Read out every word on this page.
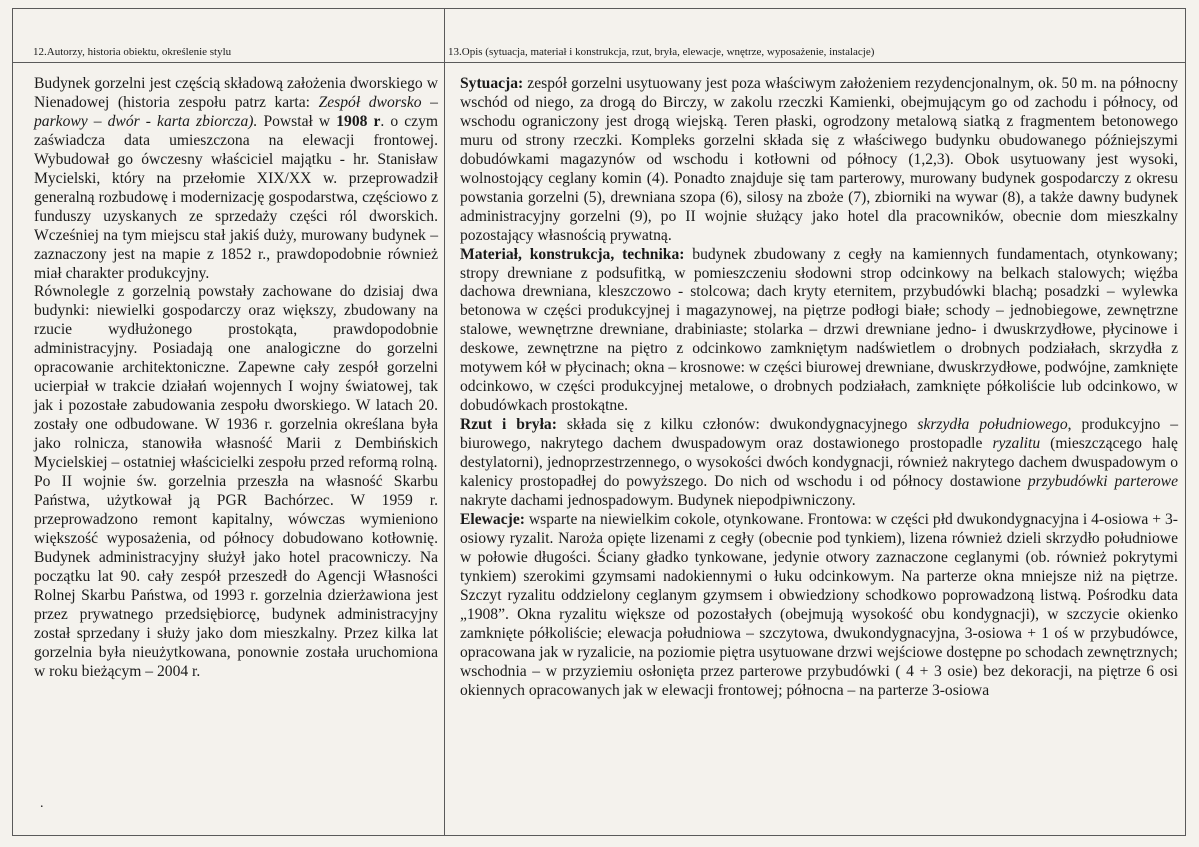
12.Autorzy, historia obiektu, określenie stylu	13.Opis (sytuacja, materiał i konstrukcja, rzut, bryła, elewacje, wnętrze, wyposażenie, instalacje)

Budynek gorzelni jest częścią składową założenia dworskiego w Nienadowej (historia zespołu patrz karta: Zespół dworsko – parkowy – dwór - karta zbiorcza). Powstał w 1908 r. o czym zaświadcza data umieszczona na elewacji frontowej. Wybudował go ówczesny właściciel majątku - hr. Stanisław Mycielski, który na przełomie XIX/XX w. przeprowadził generalną rozbudowę i modernizację gospodarstwa, częściowo z funduszy uzyskanych ze sprzedaży części ról dworskich. Wcześniej na tym miejscu stał jakiś duży, murowany budynek – zaznaczony jest na mapie z 1852 r., prawdopodobnie również miał charakter produkcyjny.

Równolegle z gorzelnią powstały zachowane do dzisiaj dwa budynki: niewielki gospodarczy oraz większy, zbudowany na rzucie wydłużonego prostokąta, prawdopodobnie administracyjny. Posiadają one analogiczne do gorzelni opracowanie architektoniczne. Zapewne cały zespół gorzelni ucierpiał w trakcie działań wojennych I wojny światowej, tak jak i pozostałe zabudowania zespołu dworskiego. W latach 20. zostały one odbudowane. W 1936 r. gorzelnia określana była jako rolnicza, stanowiła własność Marii z Dembińskich Mycielskiej – ostatniej właścicielki zespołu przed reformą rolną.

Po II wojnie św. gorzelnia przeszła na własność Skarbu Państwa, użytkował ją PGR Bachórzec. W 1959 r. przeprowadzono remont kapitalny, wówczas wymieniono większość wyposażenia, od północy dobudowano kotłownię. Budynek administracyjny służył jako hotel pracowniczy. Na początku lat 90. cały zespół przeszedł do Agencji Własności Rolnej Skarbu Państwa, od 1993 r. gorzelnia dzierżawiona jest przez prywatnego przedsiębiorcę, budynek administracyjny został sprzedany i służy jako dom mieszkalny. Przez kilka lat gorzelnia była nieużytkowana, ponownie została uruchomiona w roku bieżącym – 2004 r.

.

Sytuacja: zespół gorzelni usytuowany jest poza właściwym założeniem rezydencjonalnym, ok. 50 m. na północny wschód od niego, za drogą do Birczy, w zakolu rzeczki Kamienki, obejmującym go od zachodu i północy, od wschodu ograniczony jest drogą wiejską. Teren płaski, ogrodzony metalową siatką z fragmentem betonowego muru od strony rzeczki. Kompleks gorzelni składa się z właściwego budynku obudowanego późniejszymi dobudówkami magazynów od wschodu i kotłowni od północy (1,2,3). Obok usytuowany jest wysoki, wolnostojący ceglany komin (4). Ponadto znajduje się tam parterowy, murowany budynek gospodarczy z okresu powstania gorzelni (5), drewniana szopa (6), silosy na zboże (7), zbiorniki na wywar (8), a także dawny budynek administracyjny gorzelni (9), po II wojnie służący jako hotel dla pracowników, obecnie dom mieszkalny pozostający własnością prywatną.

Materiał, konstrukcja, technika: budynek zbudowany z cegły na kamiennych fundamentach, otynkowany; stropy drewniane z podsufitką, w pomieszczeniu słodowni strop odcinkowy na belkach stalowych; więźba dachowa drewniana, kleszczowo - stolcowa; dach kryty eternitem, przybudówki blachą; posadzki – wylewka betonowa w części produkcyjnej i magazynowej, na piętrze podłogi białe; schody – jednobiegowe, zewnętrzne stalowe, wewnętrzne drewniane, drabiniaste; stolarka – drzwi drewniane jedno- i dwuskrzydłowe, płycinowe i deskowe, zewnętrzne na piętro z odcinkowo zamkniętym nadświetlem o drobnych podziałach, skrzydła z motywem kół w płycinach; okna – krosnowe: w części biurowej drewniane, dwuskrzydłowe, podwójne, zamknięte odcinkowo, w części produkcyjnej metalowe, o drobnych podziałach, zamknięte półkoliście lub odcinkowo, w dobudówkach prostokątne.

Rzut i bryła: składa się z kilku członów: dwukondygnacyjnego skrzydła południowego, produkcyjno – biurowego, nakrytego dachem dwuspadowym oraz dostawionego prostopadle ryzalitu (mieszczącego halę destylatorni), jednoprzestrzennego, o wysokości dwóch kondygnacji, również nakrytego dachem dwuspadowym o kalenicy prostopadłej do powyższego. Do nich od wschodu i od północy dostawione przybudówki parterowe nakryte dachami jednospadowym. Budynek niepodpiwniczony.

Elewacje: wsparte na niewielkim cokole, otynkowane. Frontowa: w części płd dwukondygnacyjna i 4-osiowa + 3-osiowy ryzalit. Naroża opięte lizenami z cegły (obecnie pod tynkiem), lizena również dzieli skrzydło południowe w połowie długości. Ściany gładko tynkowane, jedynie otwory zaznaczone ceglanymi (ob. również pokrytymi tynkiem) szerokimi gzymsami nadokiennymi o łuku odcinkowym. Na parterze okna mniejsze niż na piętrze. Szczyt ryzalitu oddzielony ceglanym gzymsem i obwiedziony schodkowo poprowadzoną listwą. Pośrodku data „1908”. Okna ryzalitu większe od pozostałych (obejmują wysokość obu kondygnacji), w szczycie okienko zamknięte półkoliście; elewacja południowa – szczytowa, dwukondygnacyjna, 3-osiowa + 1 oś w przybudówce, opracowana jak w ryzalicie, na poziomie piętra usytuowane drzwi wejściowe dostępne po schodach zewnętrznych; wschodnia – w przyziemiu osłonięta przez parterowe przybudówki ( 4 + 3 osie) bez dekoracji, na piętrze 6 osi okiennych opracowanych jak w elewacji frontowej; północna – na parterze 3-osiowa
